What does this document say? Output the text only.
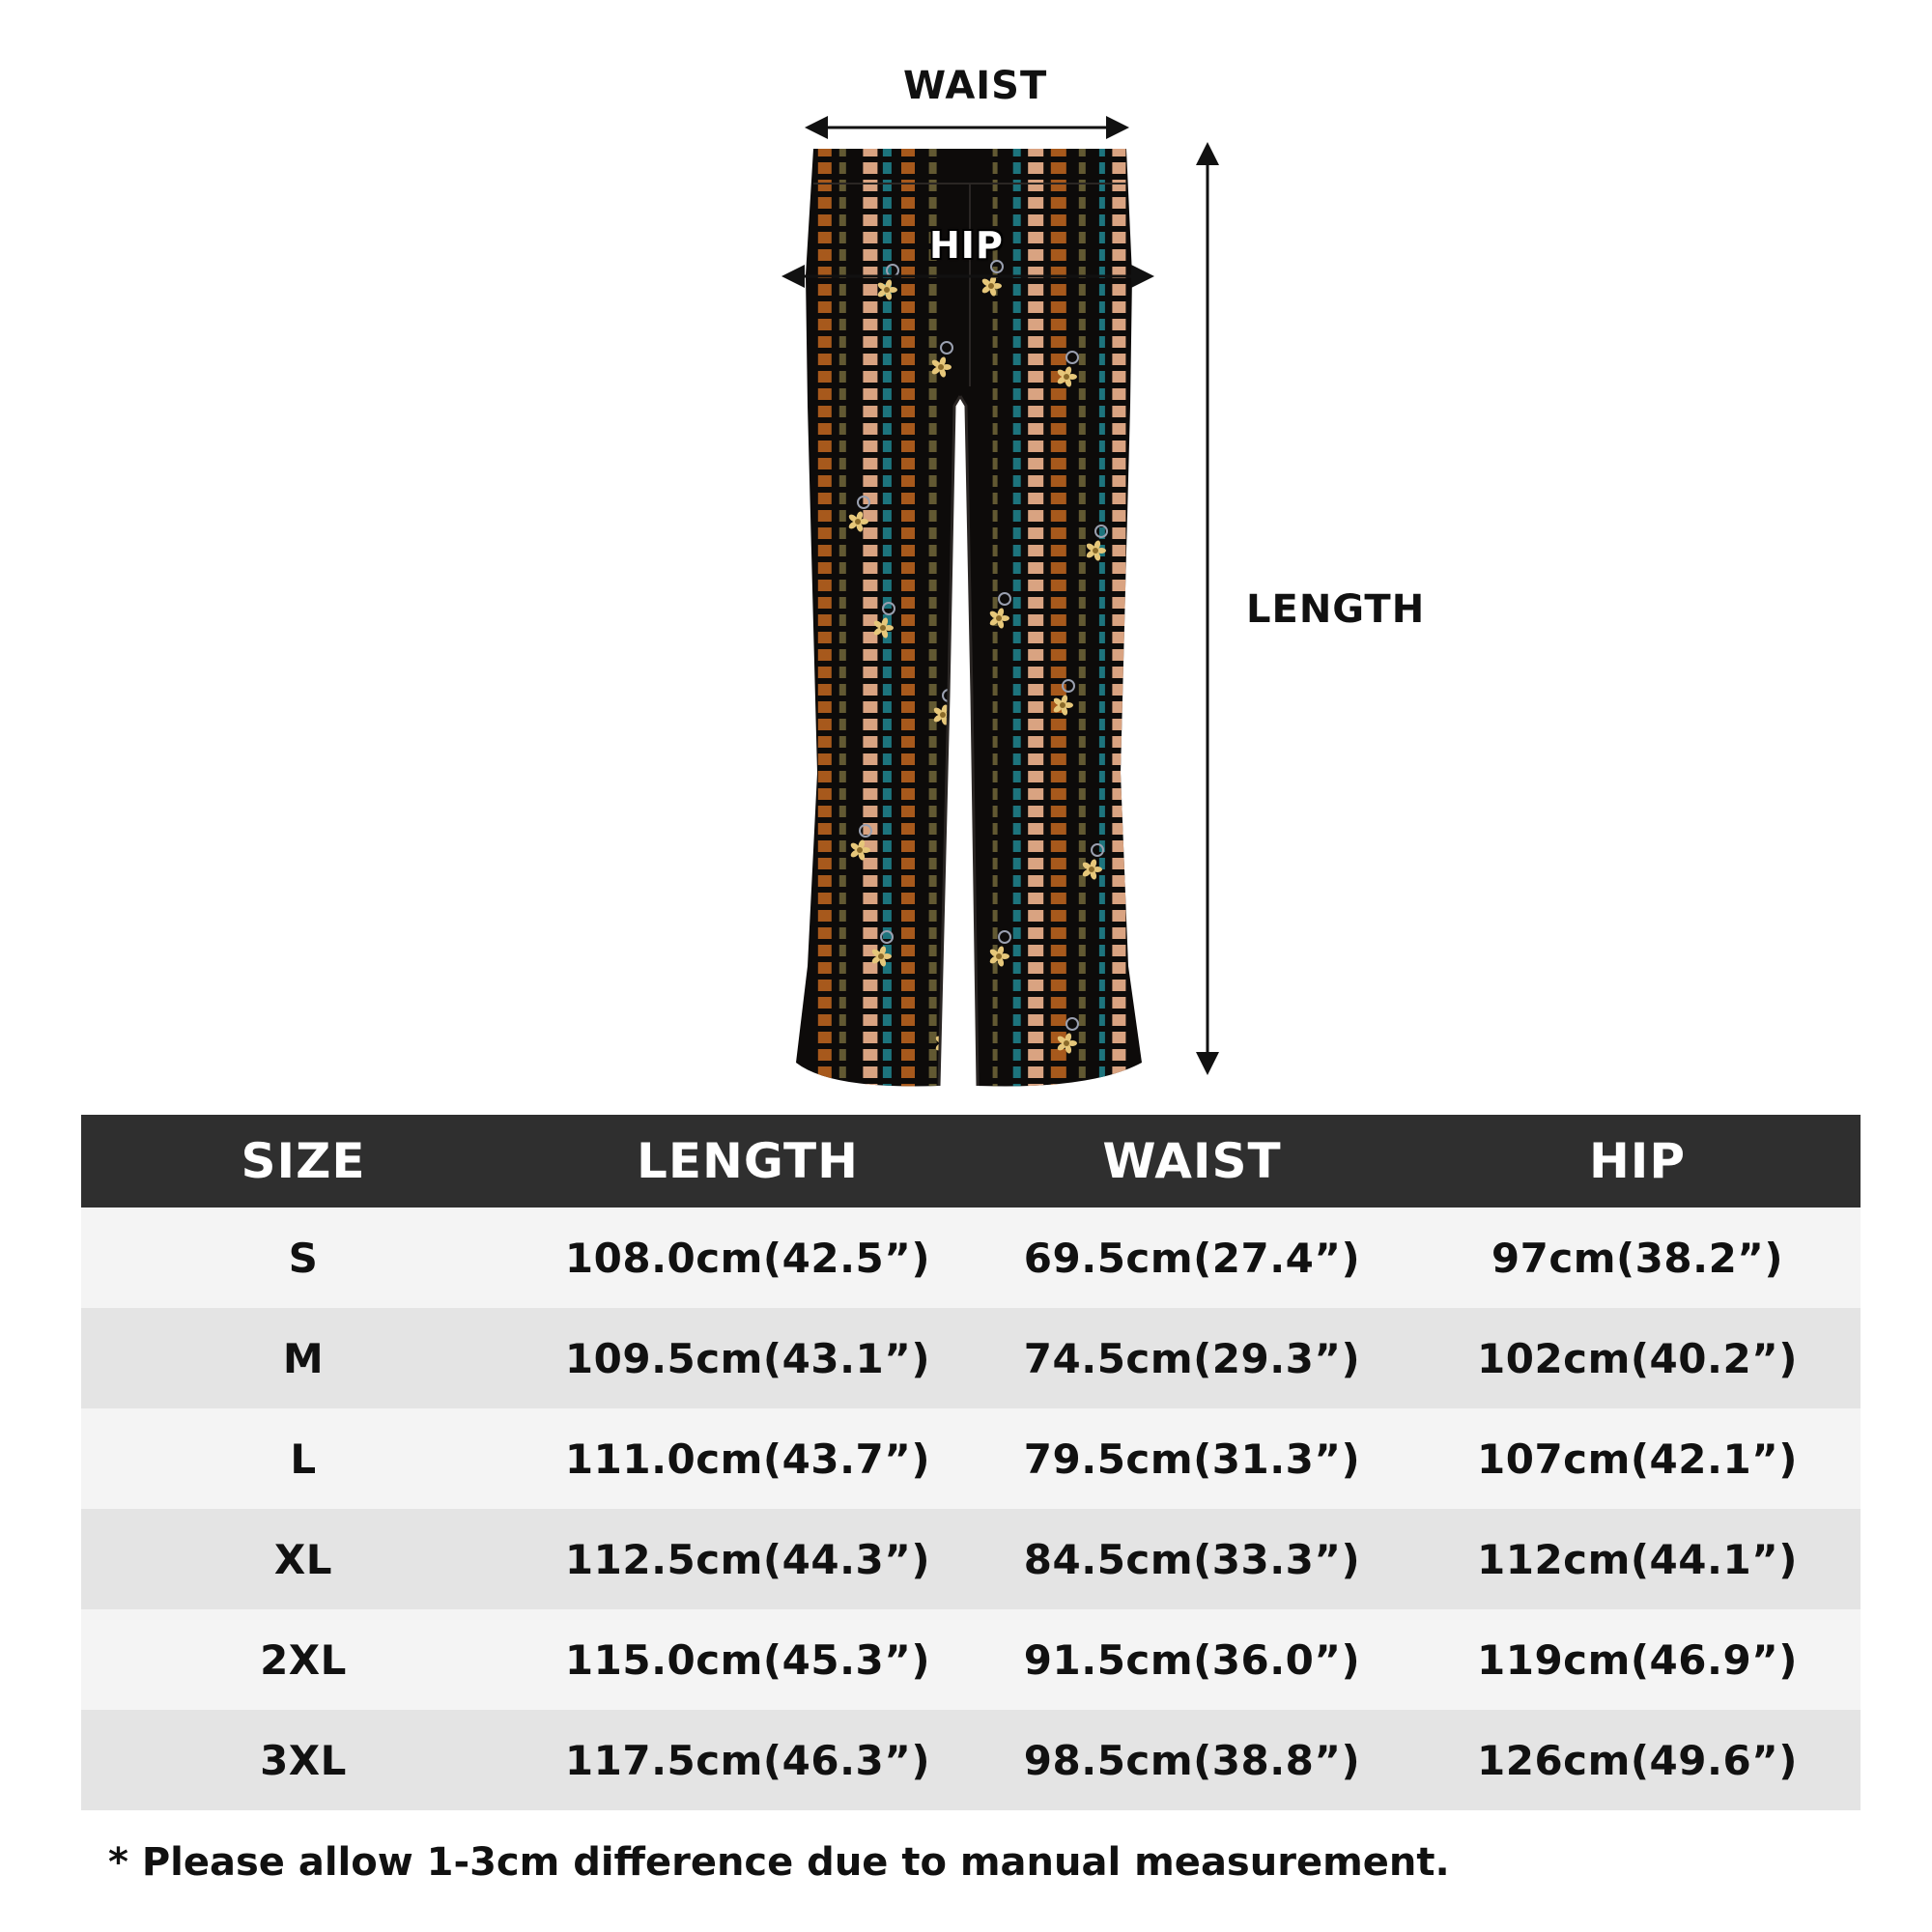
WAIST
HIP
LENGTH
SIZE	LENGTH	WAIST	HIP
S	108.0cm(42.5”)	69.5cm(27.4”)	97cm(38.2”)
M	109.5cm(43.1”)	74.5cm(29.3”)	102cm(40.2”)
L	111.0cm(43.7”)	79.5cm(31.3”)	107cm(42.1”)
XL	112.5cm(44.3”)	84.5cm(33.3”)	112cm(44.1”)
2XL	115.0cm(45.3”)	91.5cm(36.0”)	119cm(46.9”)
3XL	117.5cm(46.3”)	98.5cm(38.8”)	126cm(49.6”)
* Please allow 1-3cm difference due to manual measurement.
